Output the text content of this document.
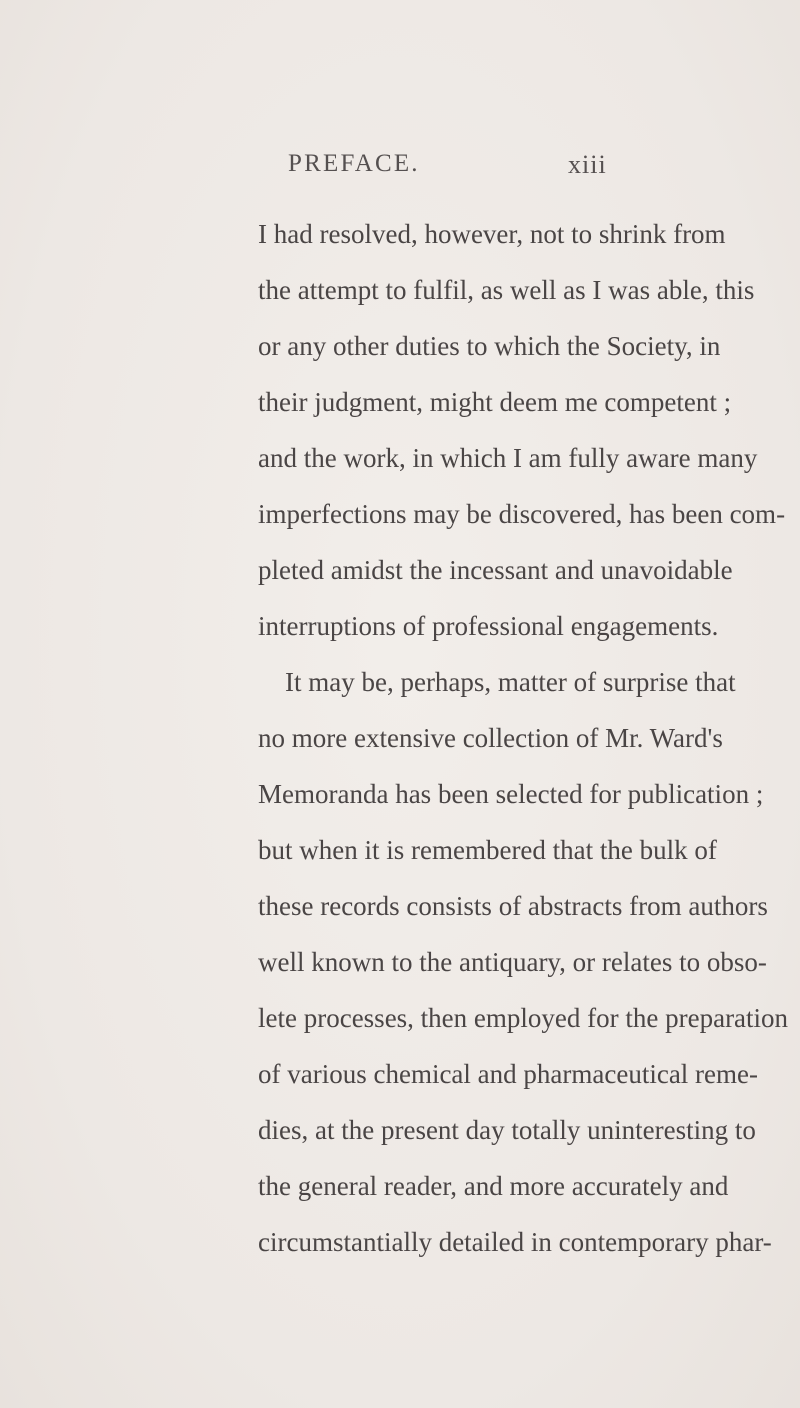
PREFACE.	xiii
I had resolved, however, not to shrink from
the attempt to fulfil, as well as I was able, this
or any other duties to which the Society, in
their judgment, might deem me competent ;
and the work, in which I am fully aware many
imperfections may be discovered, has been com-
pleted amidst the incessant and unavoidable
interruptions of professional engagements.
It may be, perhaps, matter of surprise that
no more extensive collection of Mr. Ward's
Memoranda has been selected for publication ;
but when it is remembered that the bulk of
these records consists of abstracts from authors
well known to the antiquary, or relates to obso-
lete processes, then employed for the preparation
of various chemical and pharmaceutical reme-
dies, at the present day totally uninteresting to
the general reader, and more accurately and
circumstantially detailed in contemporary phar-
